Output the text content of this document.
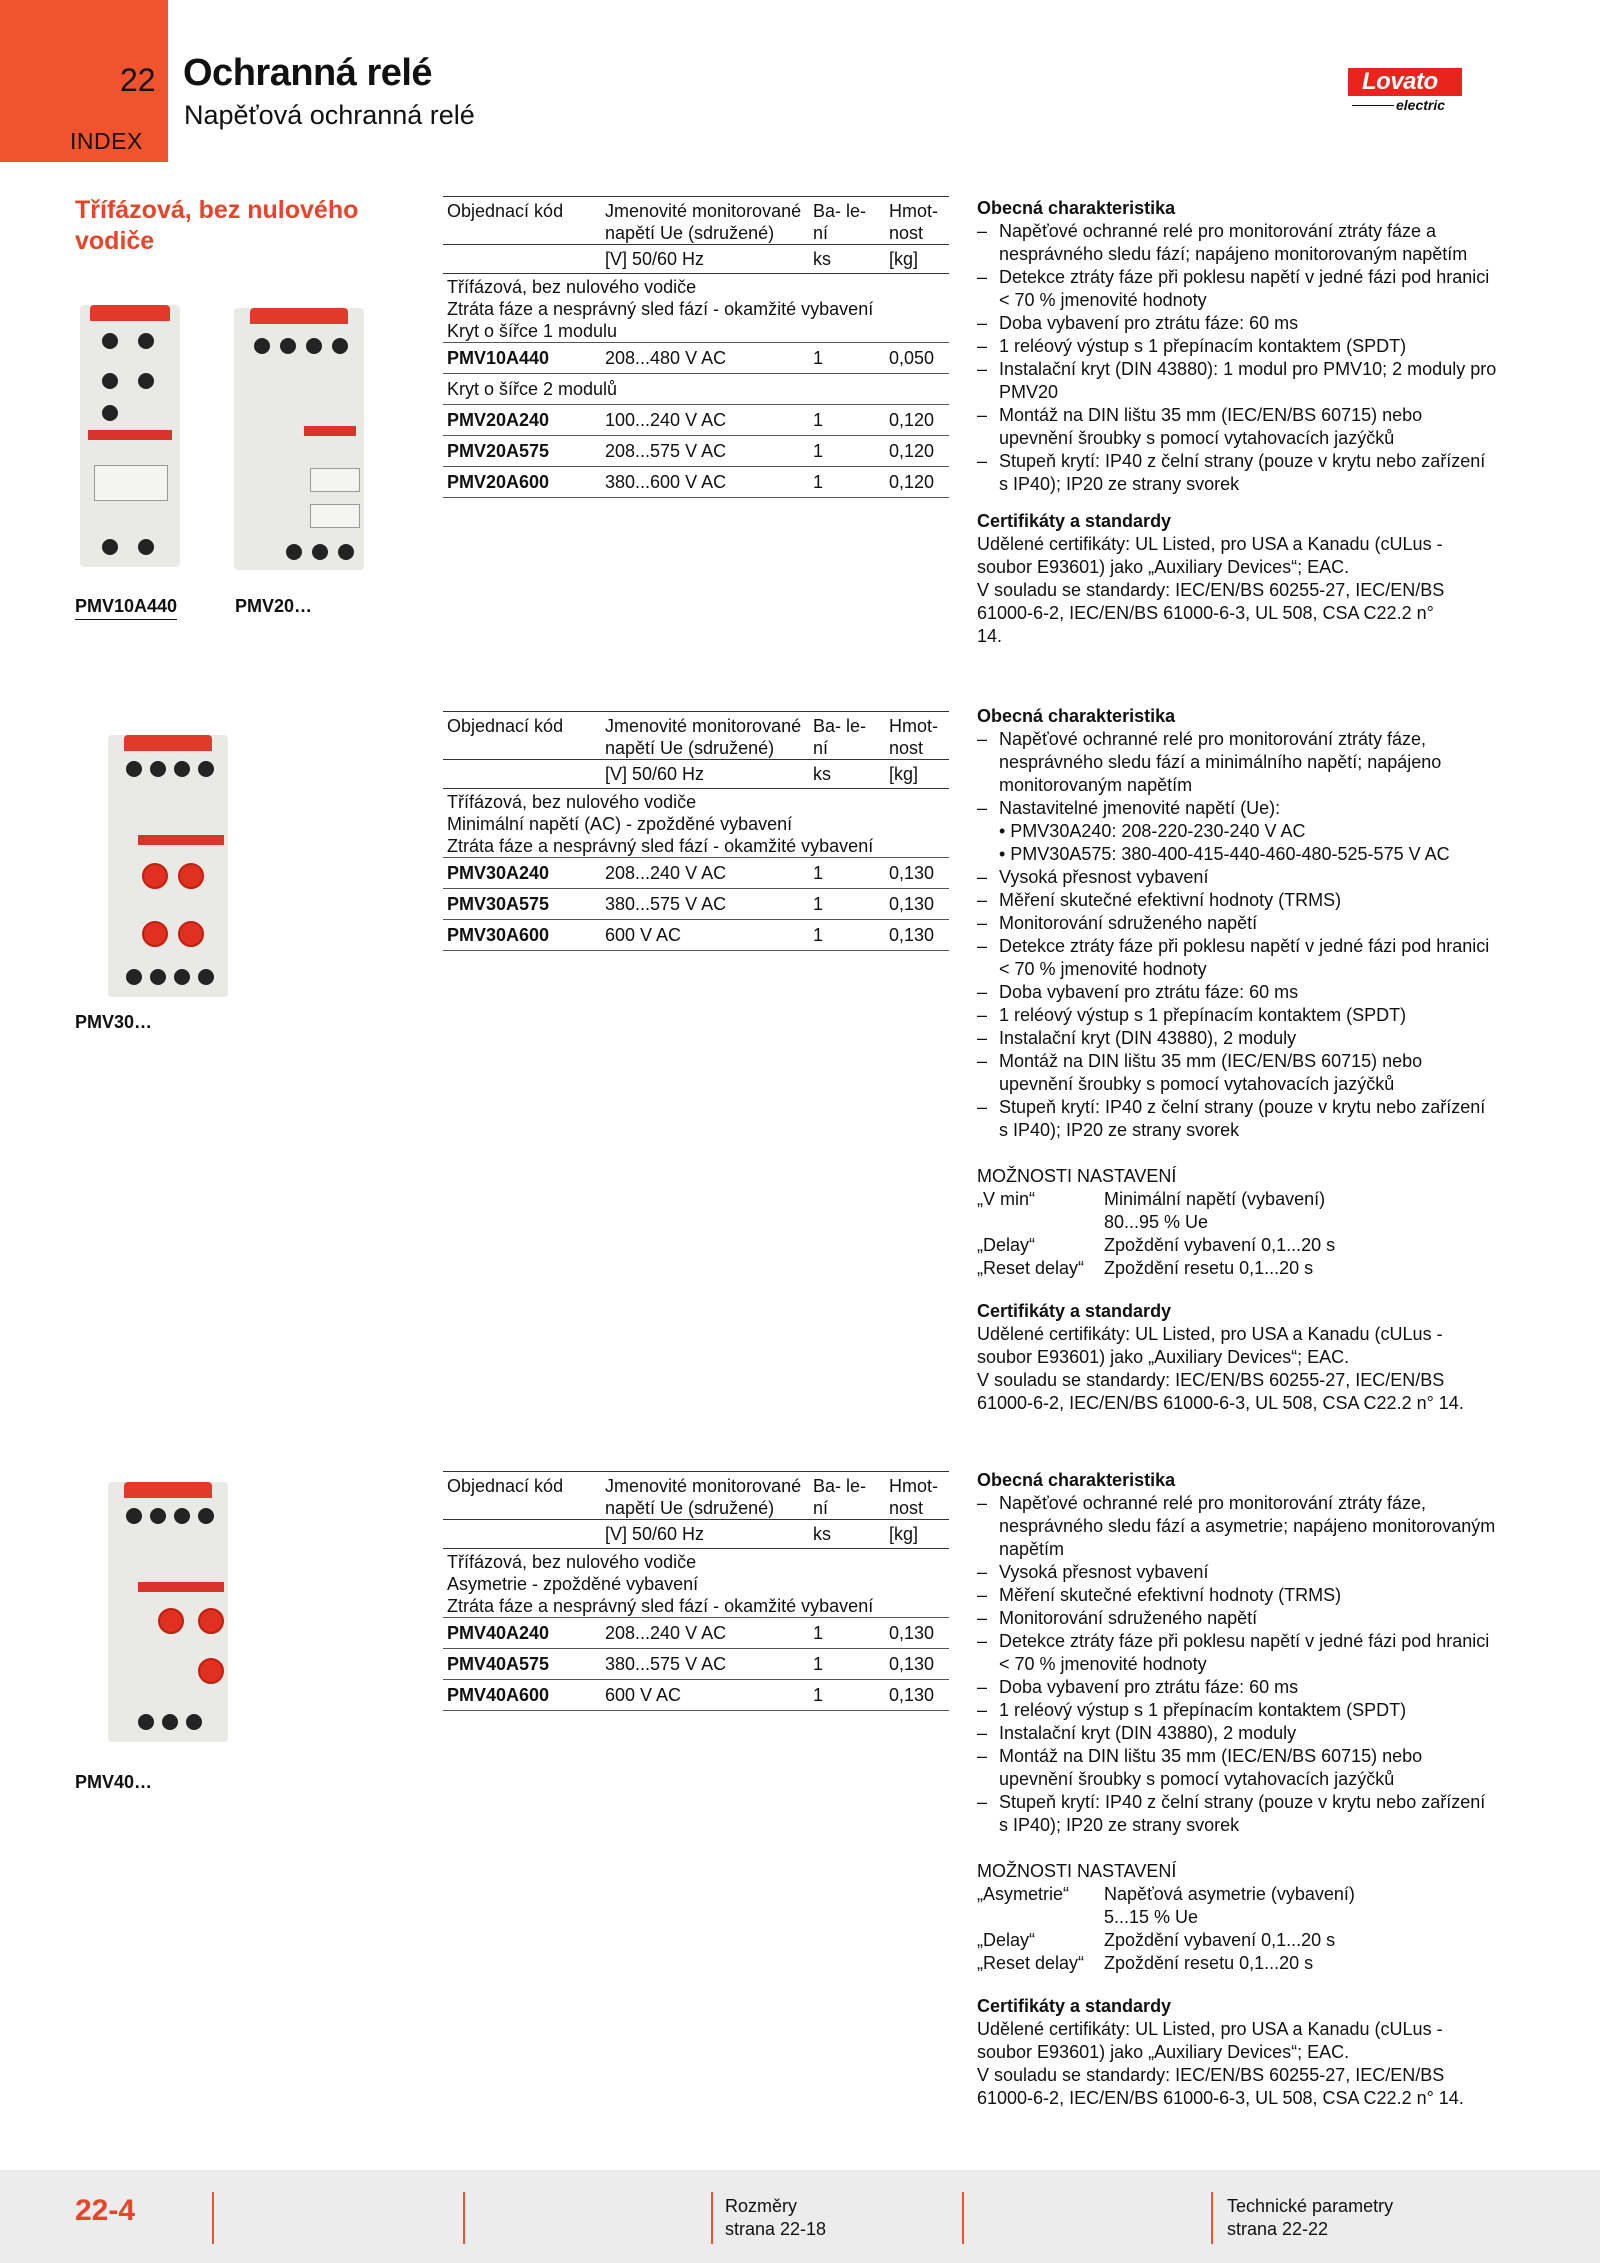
22
INDEX
Ochranná relé
Napěťová ochranná relé
Lovato
electric
Třífázová, bez nulového vodiče
PMV10A440	PMV20…
PMV30…
PMV40…
Objednací kód	Jmenovité monitorované napětí Ue (sdružené)	Ba- le- ní	Hmot- nost
	[V] 50/60 Hz	ks	[kg]
Třífázová, bez nulového vodiče
Ztráta fáze a nesprávný sled fází - okamžité vybavení
Kryt o šířce 1 modulu			
PMV10A440	208...480 V AC	1	0,050
Kryt o šířce 2 modulů			
PMV20A240	100...240 V AC	1	0,120
PMV20A575	208...575 V AC	1	0,120
PMV20A600	380...600 V AC	1	0,120
Objednací kód	Jmenovité monitorované napětí Ue (sdružené)	Ba- le- ní	Hmot- nost
	[V] 50/60 Hz	ks	[kg]
Třífázová, bez nulového vodiče
Minimální napětí (AC) - zpožděné vybavení
Ztráta fáze a nesprávný sled fází - okamžité vybavení			
PMV30A240	208...240 V AC	1	0,130
PMV30A575	380...575 V AC	1	0,130
PMV30A600	600 V AC	1	0,130
Objednací kód	Jmenovité monitorované napětí Ue (sdružené)	Ba- le- ní	Hmot- nost
	[V] 50/60 Hz	ks	[kg]
Třífázová, bez nulového vodiče
Asymetrie - zpožděné vybavení
Ztráta fáze a nesprávný sled fází - okamžité vybavení			
PMV40A240	208...240 V AC	1	0,130
PMV40A575	380...575 V AC	1	0,130
PMV40A600	600 V AC	1	0,130
Obecná charakteristika
– Napěťové ochranné relé pro monitorování ztráty fáze a nesprávného sledu fází; napájeno monitorovaným napětím
– Detekce ztráty fáze při poklesu napětí v jedné fázi pod hranici < 70 % jmenovité hodnoty
– Doba vybavení pro ztrátu fáze: 60 ms
– 1 reléový výstup s 1 přepínacím kontaktem (SPDT)
– Instalační kryt (DIN 43880): 1 modul pro PMV10; 2 moduly pro PMV20
– Montáž na DIN lištu 35 mm (IEC/EN/BS 60715) nebo upevnění šroubky s pomocí vytahovacích jazýčků
– Stupeň krytí: IP40 z čelní strany (pouze v krytu nebo zařízení s IP40); IP20 ze strany svorek
Certifikáty a standardy
Udělené certifikáty: UL Listed, pro USA a Kanadu (cULus - soubor E93601) jako „Auxiliary Devices“; EAC.
V souladu se standardy: IEC/EN/BS 60255-27, IEC/EN/BS 61000-6-2, IEC/EN/BS 61000-6-3, UL 508, CSA C22.2 n° 14.
Obecná charakteristika
– Napěťové ochranné relé pro monitorování ztráty fáze, nesprávného sledu fází a minimálního napětí; napájeno monitorovaným napětím
– Nastavitelné jmenovité napětí (Ue):
• PMV30A240: 208-220-230-240 V AC
• PMV30A575: 380-400-415-440-460-480-525-575 V AC
– Vysoká přesnost vybavení
– Měření skutečné efektivní hodnoty (TRMS)
– Monitorování sdruženého napětí
– Detekce ztráty fáze při poklesu napětí v jedné fázi pod hranici < 70 % jmenovité hodnoty
– Doba vybavení pro ztrátu fáze: 60 ms
– 1 reléový výstup s 1 přepínacím kontaktem (SPDT)
– Instalační kryt (DIN 43880), 2 moduly
– Montáž na DIN lištu 35 mm (IEC/EN/BS 60715) nebo upevnění šroubky s pomocí vytahovacích jazýčků
– Stupeň krytí: IP40 z čelní strany (pouze v krytu nebo zařízení s IP40); IP20 ze strany svorek
MOŽNOSTI NASTAVENÍ
„V min“	Minimální napětí (vybavení)
80...95 % Ue
„Delay“	Zpoždění vybavení 0,1...20 s
„Reset delay“	Zpoždění resetu 0,1...20 s
Certifikáty a standardy
Udělené certifikáty: UL Listed, pro USA a Kanadu (cULus - soubor E93601) jako „Auxiliary Devices“; EAC.
V souladu se standardy: IEC/EN/BS 60255-27, IEC/EN/BS 61000-6-2, IEC/EN/BS 61000-6-3, UL 508, CSA C22.2 n° 14.
Obecná charakteristika
– Napěťové ochranné relé pro monitorování ztráty fáze, nesprávného sledu fází a asymetrie; napájeno monitorovaným napětím
– Vysoká přesnost vybavení
– Měření skutečné efektivní hodnoty (TRMS)
– Monitorování sdruženého napětí
– Detekce ztráty fáze při poklesu napětí v jedné fázi pod hranici < 70 % jmenovité hodnoty
– Doba vybavení pro ztrátu fáze: 60 ms
– 1 reléový výstup s 1 přepínacím kontaktem (SPDT)
– Instalační kryt (DIN 43880), 2 moduly
– Montáž na DIN lištu 35 mm (IEC/EN/BS 60715) nebo upevnění šroubky s pomocí vytahovacích jazýčků
– Stupeň krytí: IP40 z čelní strany (pouze v krytu nebo zařízení s IP40); IP20 ze strany svorek
MOŽNOSTI NASTAVENÍ
„Asymetrie“	Napěťová asymetrie (vybavení)
5...15 % Ue
„Delay“	Zpoždění vybavení 0,1...20 s
„Reset delay“	Zpoždění resetu 0,1...20 s
Certifikáty a standardy
Udělené certifikáty: UL Listed, pro USA a Kanadu (cULus - soubor E93601) jako „Auxiliary Devices“; EAC.
V souladu se standardy: IEC/EN/BS 60255-27, IEC/EN/BS 61000-6-2, IEC/EN/BS 61000-6-3, UL 508, CSA C22.2 n° 14.
22-4	Rozměry
strana 22-18
Technické parametry
strana 22-22
